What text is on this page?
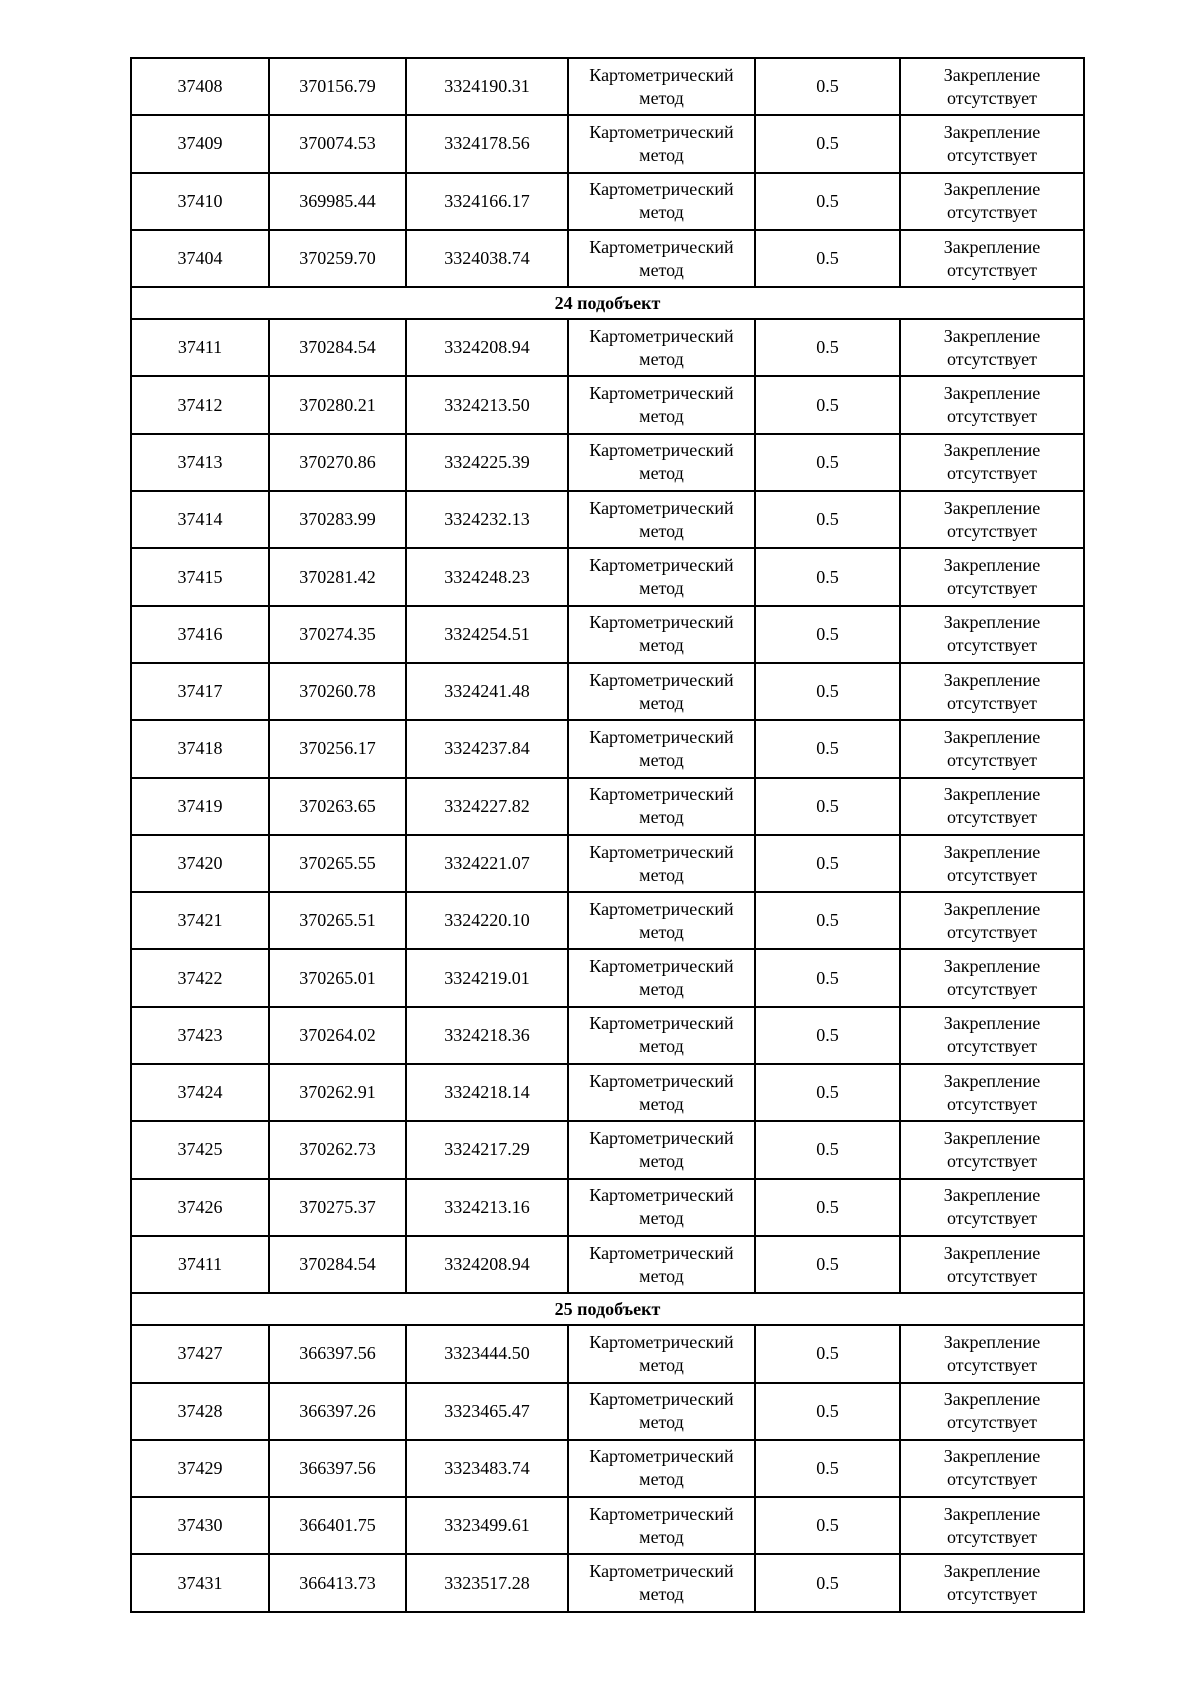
37408	370156.79	3324190.31	Картометрический метод	0.5	Закрепление отсутствует
37409	370074.53	3324178.56	Картометрический метод	0.5	Закрепление отсутствует
37410	369985.44	3324166.17	Картометрический метод	0.5	Закрепление отсутствует
37404	370259.70	3324038.74	Картометрический метод	0.5	Закрепление отсутствует
24 подобъект					
37411	370284.54	3324208.94	Картометрический метод	0.5	Закрепление отсутствует
37412	370280.21	3324213.50	Картометрический метод	0.5	Закрепление отсутствует
37413	370270.86	3324225.39	Картометрический метод	0.5	Закрепление отсутствует
37414	370283.99	3324232.13	Картометрический метод	0.5	Закрепление отсутствует
37415	370281.42	3324248.23	Картометрический метод	0.5	Закрепление отсутствует
37416	370274.35	3324254.51	Картометрический метод	0.5	Закрепление отсутствует
37417	370260.78	3324241.48	Картометрический метод	0.5	Закрепление отсутствует
37418	370256.17	3324237.84	Картометрический метод	0.5	Закрепление отсутствует
37419	370263.65	3324227.82	Картометрический метод	0.5	Закрепление отсутствует
37420	370265.55	3324221.07	Картометрический метод	0.5	Закрепление отсутствует
37421	370265.51	3324220.10	Картометрический метод	0.5	Закрепление отсутствует
37422	370265.01	3324219.01	Картометрический метод	0.5	Закрепление отсутствует
37423	370264.02	3324218.36	Картометрический метод	0.5	Закрепление отсутствует
37424	370262.91	3324218.14	Картометрический метод	0.5	Закрепление отсутствует
37425	370262.73	3324217.29	Картометрический метод	0.5	Закрепление отсутствует
37426	370275.37	3324213.16	Картометрический метод	0.5	Закрепление отсутствует
37411	370284.54	3324208.94	Картометрический метод	0.5	Закрепление отсутствует
25 подобъект					
37427	366397.56	3323444.50	Картометрический метод	0.5	Закрепление отсутствует
37428	366397.26	3323465.47	Картометрический метод	0.5	Закрепление отсутствует
37429	366397.56	3323483.74	Картометрический метод	0.5	Закрепление отсутствует
37430	366401.75	3323499.61	Картометрический метод	0.5	Закрепление отсутствует
37431	366413.73	3323517.28	Картометрический метод	0.5	Закрепление отсутствует
